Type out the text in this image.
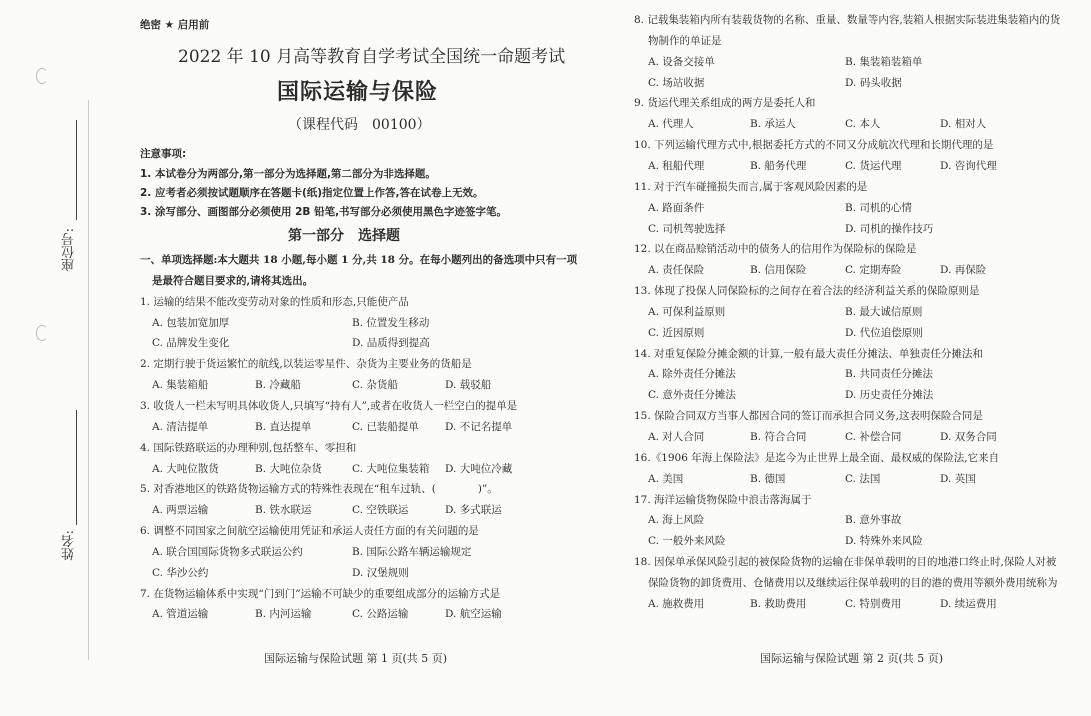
座位号:
姓名:
绝密 ★ 启用前
2022 年 10 月高等教育自学考试全国统一命题考试
国际运输与保险
（课程代码　00100）
注意事项:
1. 本试卷分为两部分,第一部分为选择题,第二部分为非选择题。
2. 应考者必须按试题顺序在答题卡(纸)指定位置上作答,答在试卷上无效。
3. 涂写部分、画图部分必须使用 2B 铅笔,书写部分必须使用黑色字迹签字笔。
第一部分　选择题
一、单项选择题:本大题共 18 小题,每小题 1 分,共 18 分。在每小题列出的备选项中只有一项
是最符合题目要求的,请将其选出。
1. 运输的结果不能改变劳动对象的性质和形态,只能使产品
A. 包装加宽加厚	B. 位置发生移动
C. 品牌发生变化	D. 品质得到提高
2. 定期行驶于货运繁忙的航线,以装运零星件、杂货为主要业务的货船是
A. 集装箱船	B. 冷藏船	C. 杂货船	D. 载驳船
3. 收货人一栏未写明具体收货人,只填写“持有人”,或者在收货人一栏空白的提单是
A. 清洁提单	B. 直达提单	C. 已装船提单 D. 不记名提单
4. 国际铁路联运的办理种别,包括整车、零担和
A. 大吨位散货	B. 大吨位杂货	C. 大吨位集装箱 D. 大吨位冷藏
5. 对香港地区的铁路货物运输方式的特殊性表现在“租车过轨、(　　　　)”。
A. 两票运输	B. 铁水联运	C. 空铁联运	D. 多式联运
6. 调整不同国家之间航空运输使用凭证和承运人责任方面的有关问题的是
A. 联合国国际货物多式联运公约	B. 国际公路车辆运输规定
C. 华沙公约	D. 汉堡规则
7. 在货物运输体系中实现“门到门”运输不可缺少的重要组成部分的运输方式是
A. 管道运输	B. 内河运输	C. 公路运输	D. 航空运输
8. 记载集装箱内所有装载货物的名称、重量、数量等内容,装箱人根据实际装进集装箱内的货
物制作的单证是
A. 设备交接单	B. 集装箱装箱单
C. 场站收据	D. 码头收据
9. 货运代理关系组成的两方是委托人和
A. 代理人	B. 承运人	C. 本人	D. 相对人
10. 下列运输代理方式中,根据委托方式的不同又分成航次代理和长期代理的是
A. 租船代理	B. 船务代理	C. 货运代理	D. 咨询代理
11. 对于汽车碰撞损失而言,属于客观风险因素的是
A. 路面条件	B. 司机的心情
C. 司机驾驶选择	D. 司机的操作技巧
12. 以在商品赊销活动中的债务人的信用作为保险标的保险是
A. 责任保险	B. 信用保险	C. 定期寿险	D. 再保险
13. 体现了投保人同保险标的之间存在着合法的经济利益关系的保险原则是
A. 可保利益原则	B. 最大诚信原则
C. 近因原则	D. 代位追偿原则
14. 对重复保险分摊金额的计算,一般有最大责任分摊法、单独责任分摊法和
A. 除外责任分摊法	B. 共同责任分摊法
C. 意外责任分摊法	D. 历史责任分摊法
15. 保险合同双方当事人都因合同的签订而承担合同义务,这表明保险合同是
A. 对人合同	B. 符合合同	C. 补偿合同	D. 双务合同
16.《1906 年海上保险法》是迄今为止世界上最全面、最权威的保险法,它来自
A. 美国	B. 德国	C. 法国	D. 英国
17. 海洋运输货物保险中浪击落海属于
A. 海上风险	B. 意外事故
C. 一般外来风险	D. 特殊外来风险
18. 因保单承保风险引起的被保险货物的运输在非保单载明的目的地港口终止时,保险人对被
保险货物的卸货费用、仓储费用以及继续运往保单载明的目的港的费用等额外费用统称为
A. 施救费用	B. 救助费用	C. 特别费用	D. 续运费用
国际运输与保险试题 第 1 页(共 5 页)	国际运输与保险试题 第 2 页(共 5 页)
